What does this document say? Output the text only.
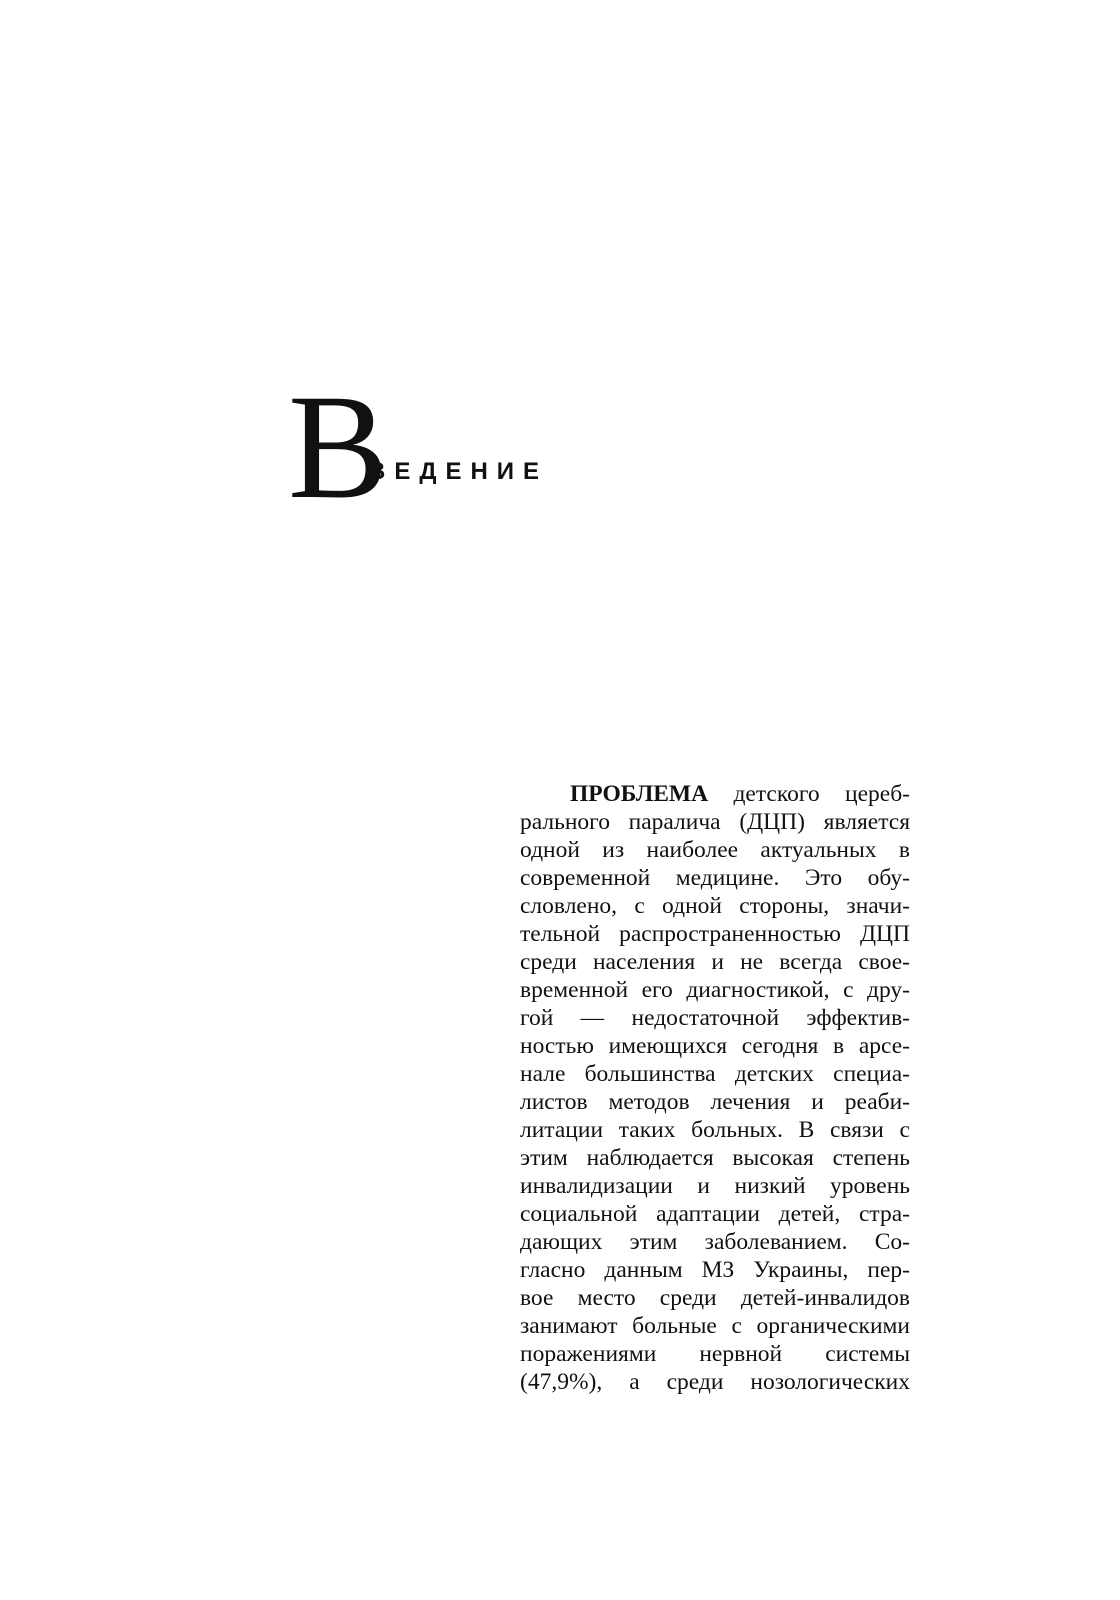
В
ВЕДЕНИЕ
ПРОБЛЕМА детского цереб-
рального паралича (ДЦП) является
одной из наиболее актуальных в
современной медицине. Это обу-
словлено, с одной стороны, значи-
тельной распространенностью ДЦП
среди населения и не всегда свое-
временной его диагностикой, с дру-
гой — недостаточной эффектив-
ностью имеющихся сегодня в арсе-
нале большинства детских специа-
листов методов лечения и реаби-
литации таких больных. В связи с
этим наблюдается высокая степень
инвалидизации и низкий уровень
социальной адаптации детей, стра-
дающих этим заболеванием. Со-
гласно данным МЗ Украины, пер-
вое место среди детей-инвалидов
занимают больные с органическими
поражениями нервной системы
(47,9%), а среди нозологических
